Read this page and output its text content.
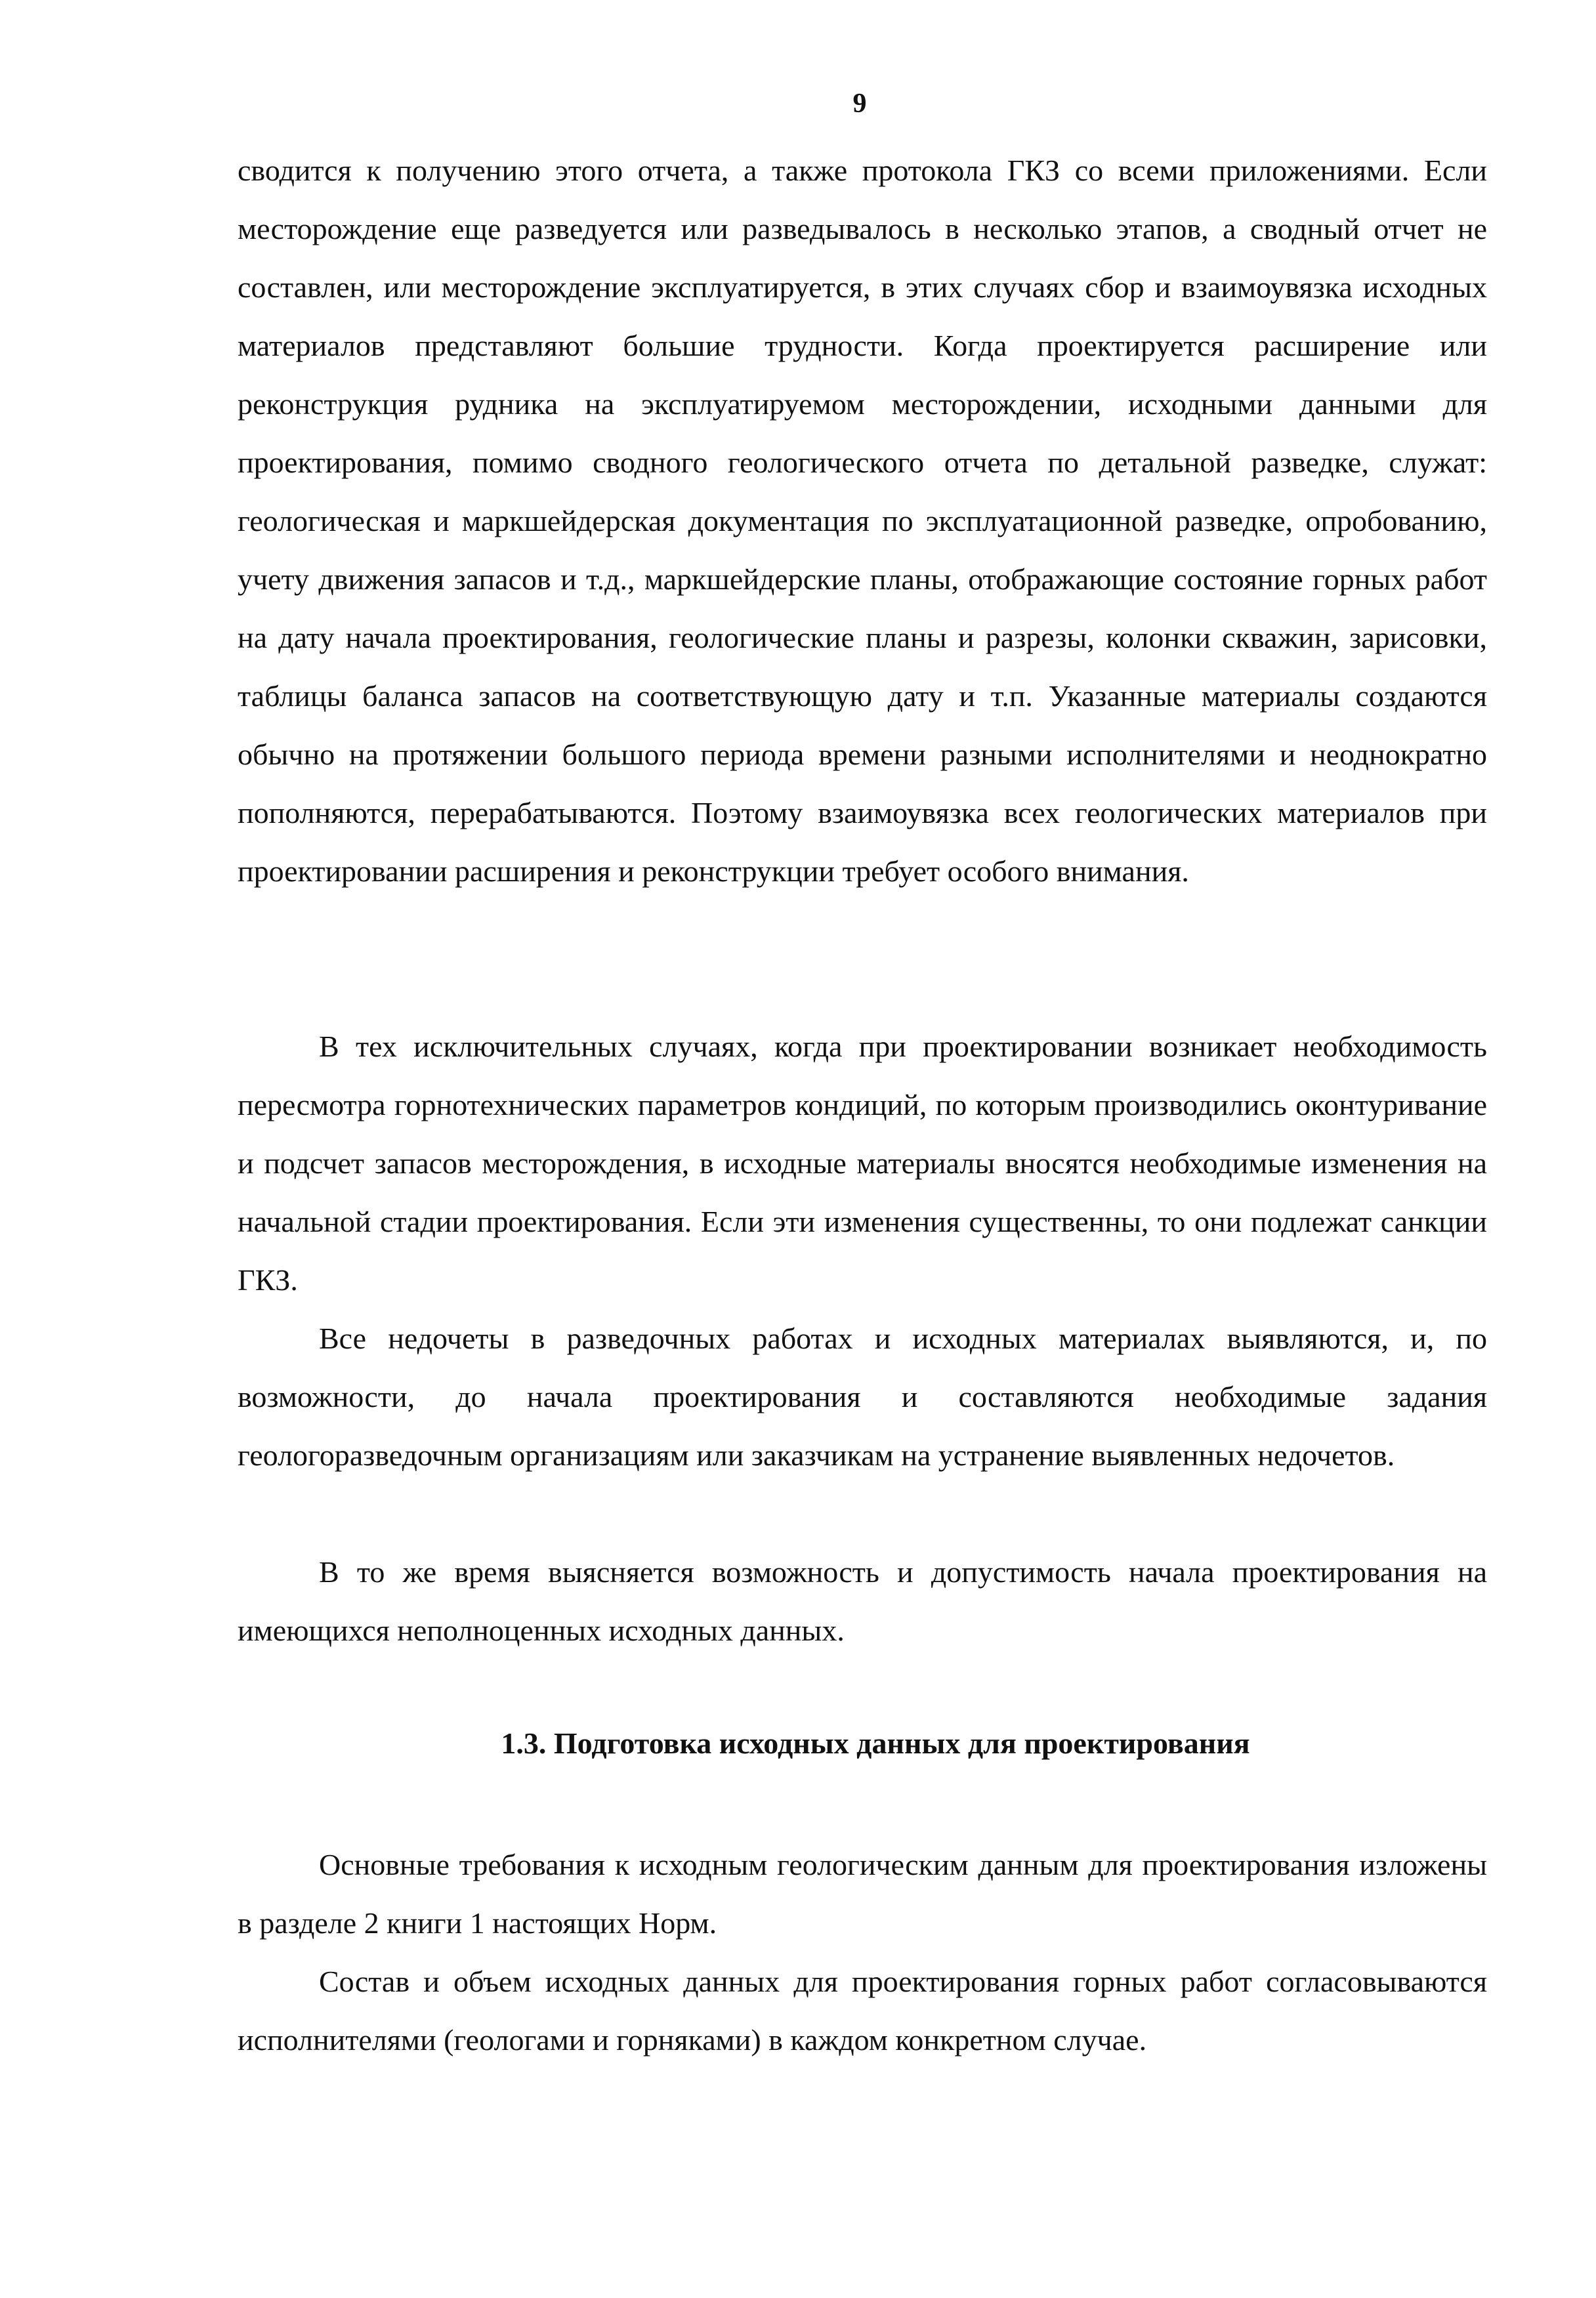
9

сводится к получению этого отчета, а также протокола ГКЗ со всеми приложениями. Если месторождение еще разведуется или разведывалось в несколько этапов, а сводный отчет не составлен, или месторождение эксплуатируется, в этих случаях сбор и взаимоувязка исходных материалов представляют большие трудности. Когда проектируется расширение или реконструкция рудника на эксплуатируемом месторождении, исходными данными для проектирования, помимо сводного геологического отчета по детальной разведке, служат: геологическая и маркшейдерская документация по эксплуатационной разведке, опробованию, учету движения запасов и т.д., маркшейдерские планы, отображающие состояние горных работ на дату начала проектирования, геологические планы и разрезы, колонки скважин, зарисовки, таблицы баланса запасов на соответствующую дату и т.п. Указанные материалы создаются обычно на протяжении большого периода времени разными исполнителями и неоднократно пополняются, перерабатываются. Поэтому взаимоувязка всех геологических материалов при проектировании расширения и реконструкции требует особого внимания.

В тех исключительных случаях, когда при проектировании возникает необходимость пересмотра горнотехнических параметров кондиций, по которым производились оконтуривание и подсчет запасов месторождения, в исходные материалы вносятся необходимые изменения на начальной стадии проектирования. Если эти изменения существенны, то они подлежат санкции ГКЗ.

Все недочеты в разведочных работах и исходных материалах выявляются, и, по возможности, до начала проектирования и составляются необходимые задания геологоразведочным организациям или заказчикам на устранение выявленных недочетов.

В то же время выясняется возможность и допустимость начала проектирования на имеющихся неполноценных исходных данных.

1.3. Подготовка исходных данных для проектирования

Основные требования к исходным геологическим данным для проектирования изложены в разделе 2 книги 1 настоящих Норм.

Состав и объем исходных данных для проектирования горных работ согласовываются исполнителями (геологами и горняками) в каждом конкретном случае.
